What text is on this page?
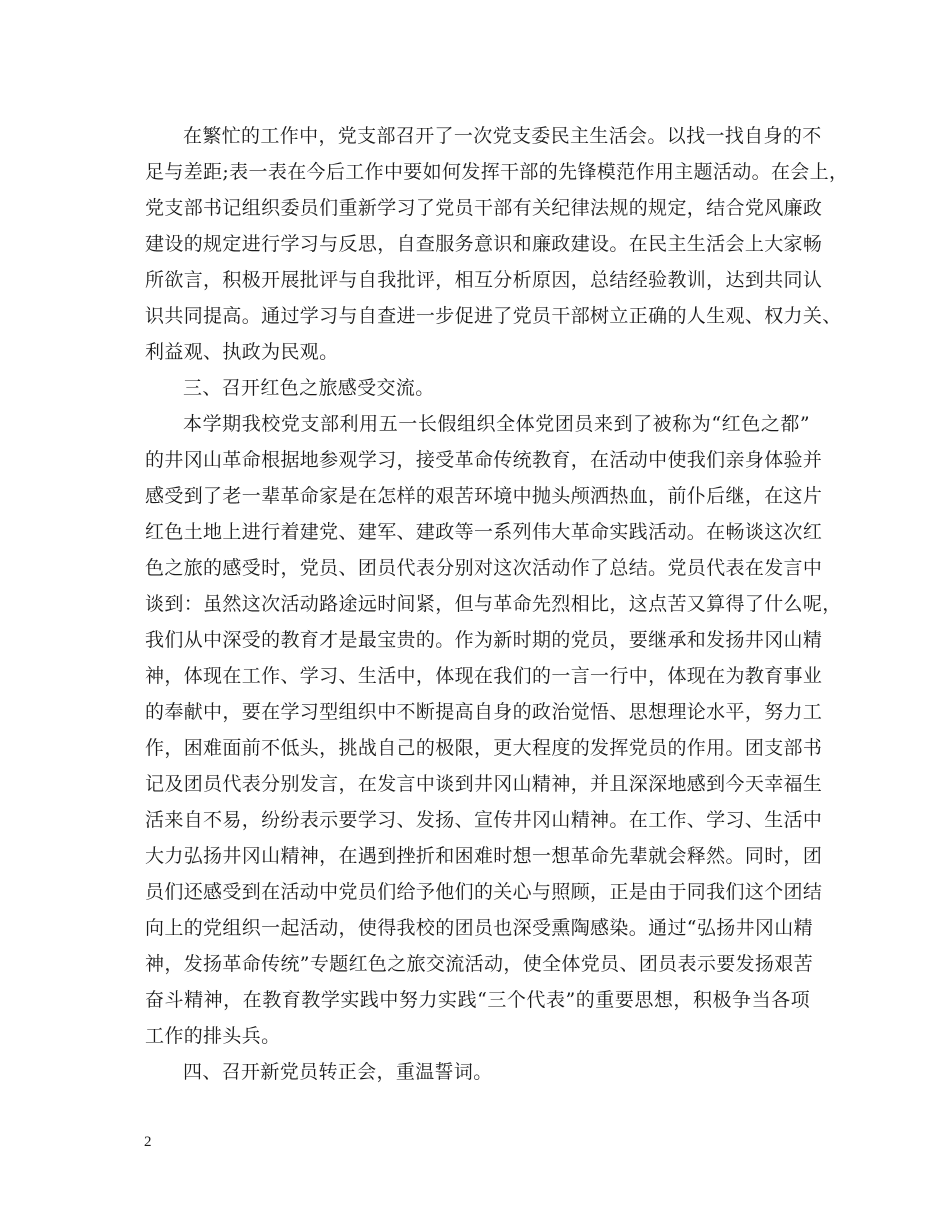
在繁忙的工作中，党支部召开了一次党支委民主生活会。以找一找自身的不
足与差距;表一表在今后工作中要如何发挥干部的先锋模范作用主题活动。在会上，
党支部书记组织委员们重新学习了党员干部有关纪律法规的规定，结合党风廉政
建设的规定进行学习与反思，自查服务意识和廉政建设。在民主生活会上大家畅
所欲言，积极开展批评与自我批评，相互分析原因，总结经验教训，达到共同认
识共同提高。通过学习与自查进一步促进了党员干部树立正确的人生观、权力关、
利益观、执政为民观。
三、召开红色之旅感受交流。
本学期我校党支部利用五一长假组织全体党团员来到了被称为“红色之都”
的井冈山革命根据地参观学习，接受革命传统教育，在活动中使我们亲身体验并
感受到了老一辈革命家是在怎样的艰苦环境中抛头颅洒热血，前仆后继，在这片
红色土地上进行着建党、建军、建政等一系列伟大革命实践活动。在畅谈这次红
色之旅的感受时，党员、团员代表分别对这次活动作了总结。党员代表在发言中
谈到：虽然这次活动路途远时间紧，但与革命先烈相比，这点苦又算得了什么呢，
我们从中深受的教育才是最宝贵的。作为新时期的党员，要继承和发扬井冈山精
神，体现在工作、学习、生活中，体现在我们的一言一行中，体现在为教育事业
的奉献中，要在学习型组织中不断提高自身的政治觉悟、思想理论水平，努力工
作，困难面前不低头，挑战自己的极限，更大程度的发挥党员的作用。团支部书
记及团员代表分别发言，在发言中谈到井冈山精神，并且深深地感到今天幸福生
活来自不易，纷纷表示要学习、发扬、宣传井冈山精神。在工作、学习、生活中
大力弘扬井冈山精神，在遇到挫折和困难时想一想革命先辈就会释然。同时，团
员们还感受到在活动中党员们给予他们的关心与照顾，正是由于同我们这个团结
向上的党组织一起活动，使得我校的团员也深受熏陶感染。通过“弘扬井冈山精
神，发扬革命传统”专题红色之旅交流活动，使全体党员、团员表示要发扬艰苦
奋斗精神，在教育教学实践中努力实践“三个代表”的重要思想，积极争当各项
工作的排头兵。
四、召开新党员转正会，重温誓词。
2
